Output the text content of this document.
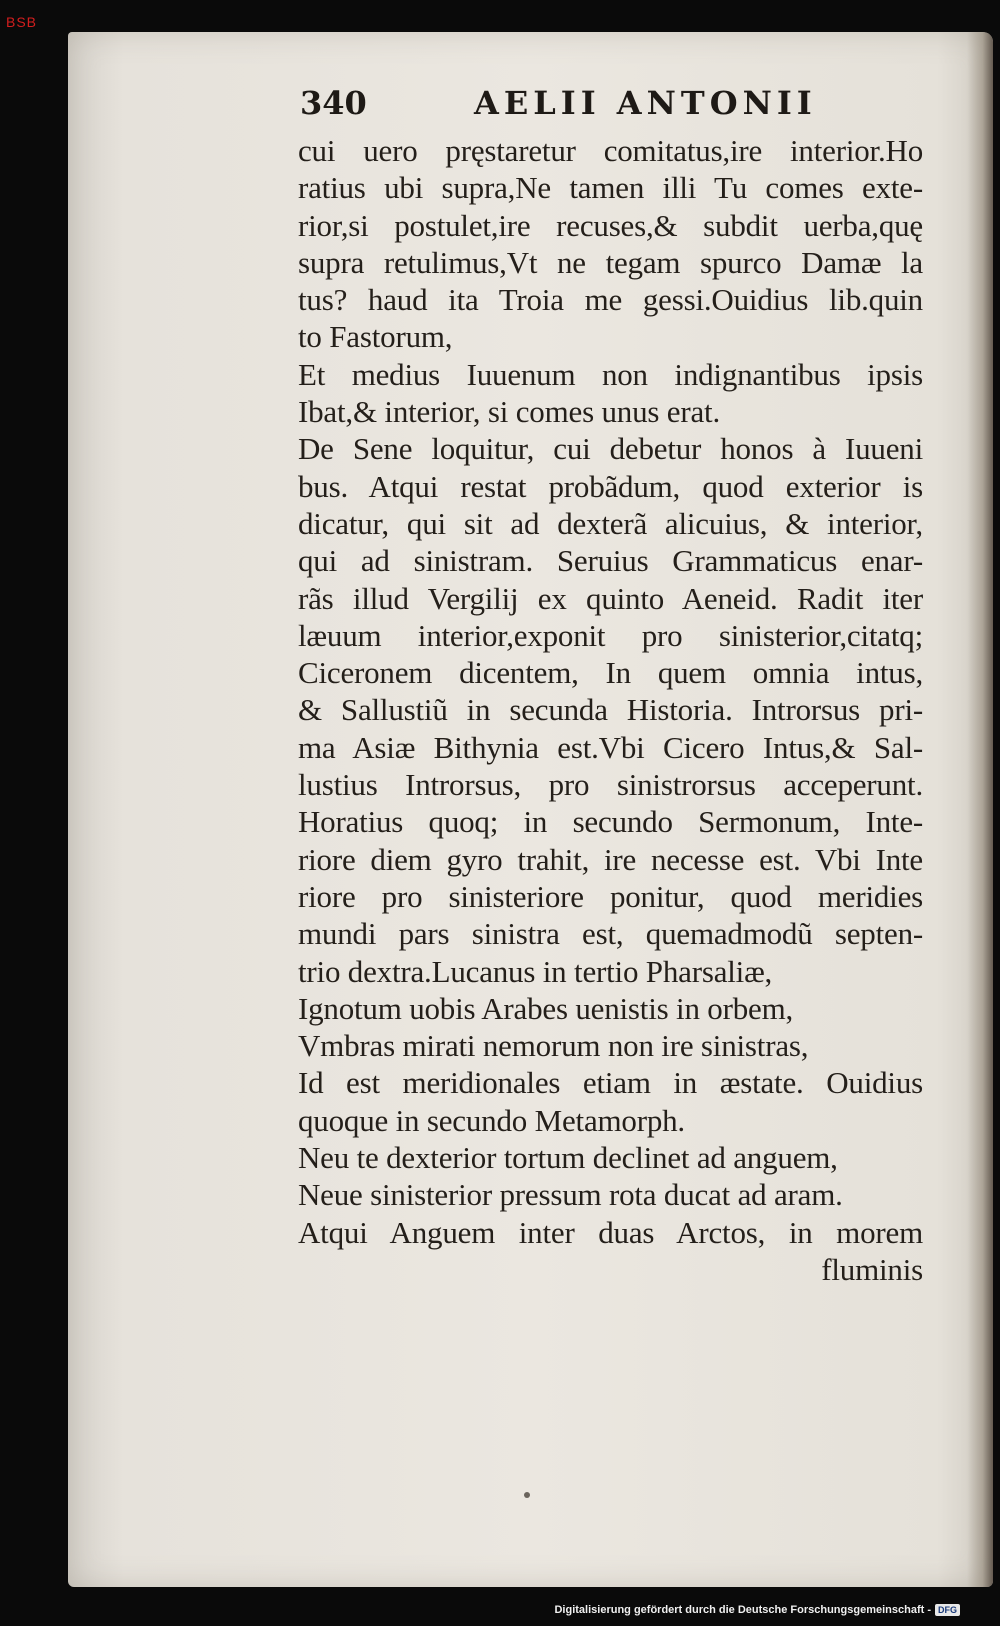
BSB
340	AELII ANTONII
cui uero pręstaretur comitatus,ire interior.Ho
ratius ubi supra,Ne tamen illi Tu comes exte-
rior,si postulet,ire recuses,& subdit uerba,quę
supra retulimus,Vt ne tegam spurco Damæ la
tus? haud ita Troia me gessi.Ouidius lib.quin
to Fastorum,
Et medius Iuuenum non indignantibus ipsis
Ibat,& interior, si comes unus erat.
De Sene loquitur, cui debetur honos à Iuueni
bus. Atqui restat probãdum, quod exterior is
dicatur, qui sit ad dexterã alicuius, & interior,
qui ad sinistram. Seruius Grammaticus enar-
rãs illud Vergilij ex quinto Aeneid. Radit iter
læuum interior,exponit pro sinisterior,citatq;
Ciceronem dicentem, In quem omnia intus,
& Sallustiũ in secunda Historia. Introrsus pri-
ma Asiæ Bithynia est.Vbi Cicero Intus,& Sal-
lustius Introrsus, pro sinistrorsus acceperunt.
Horatius quoq; in secundo Sermonum, Inte-
riore diem gyro trahit, ire necesse est. Vbi Inte
riore pro sinisteriore ponitur, quod meridies
mundi pars sinistra est, quemadmodũ septen-
trio dextra.Lucanus in tertio Pharsaliæ,
Ignotum uobis Arabes uenistis in orbem,
Vmbras mirati nemorum non ire sinistras,
Id est meridionales etiam in æstate. Ouidius
quoque in secundo Metamorph.
Neu te dexterior tortum declinet ad anguem,
Neue sinisterior pressum rota ducat ad aram.
Atqui Anguem inter duas Arctos, in morem
fluminis
Digitalisierung gefördert durch die Deutsche Forschungsgemeinschaft - DFG
